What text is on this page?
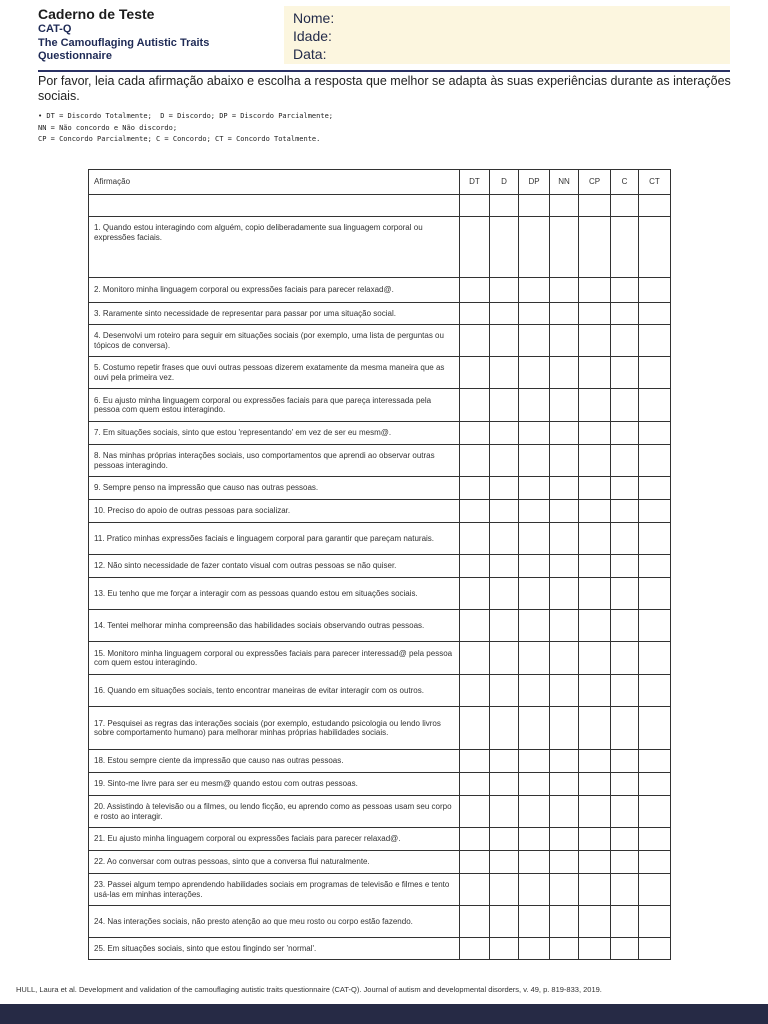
Caderno de Teste
CAT-Q
The Camouflaging Autistic Traits
Questionnaire
Nome:
Idade:
Data:
Por favor, leia cada afirmação abaixo e escolha a resposta que melhor se adapta às suas experiências durante as interações sociais.
• DT = Discordo Totalmente;  D = Discordo; DP = Discordo Parcialmente;
NN = Não concordo e Não discordo;
CP = Concordo Parcialmente; C = Concordo; CT = Concordo Totalmente.
Afirmação	DT	D	DP	NN	CP	C	CT

1. Quando estou interagindo com alguém, copio deliberadamente sua linguagem corporal ou expressões faciais.							
2. Monitoro minha linguagem corporal ou expressões faciais para parecer relaxad@.							
3. Raramente sinto necessidade de representar para passar por uma situação social.							
4. Desenvolvi um roteiro para seguir em situações sociais (por exemplo, uma lista de perguntas ou tópicos de conversa).							
5. Costumo repetir frases que ouvi outras pessoas dizerem exatamente da mesma maneira que as ouvi pela primeira vez.							
6. Eu ajusto minha linguagem corporal ou expressões faciais para que pareça interessada pela pessoa com quem estou interagindo.							
7. Em situações sociais, sinto que estou 'representando' em vez de ser eu mesm@.							
8. Nas minhas próprias interações sociais, uso comportamentos que aprendi ao observar outras pessoas interagindo.							
9. Sempre penso na impressão que causo nas outras pessoas.							
10. Preciso do apoio de outras pessoas para socializar.							
11. Pratico minhas expressões faciais e linguagem corporal para garantir que pareçam naturais.							
12. Não sinto necessidade de fazer contato visual com outras pessoas se não quiser.							
13. Eu tenho que me forçar a interagir com as pessoas quando estou em situações sociais.							
14. Tentei melhorar minha compreensão das habilidades sociais observando outras pessoas.							
15. Monitoro minha linguagem corporal ou expressões faciais para parecer interessad@ pela pessoa com quem estou interagindo.							
16. Quando em situações sociais, tento encontrar maneiras de evitar interagir com os outros.							
17. Pesquisei as regras das interações sociais (por exemplo, estudando psicologia ou lendo livros sobre comportamento humano) para melhorar minhas próprias habilidades sociais.							
18. Estou sempre ciente da impressão que causo nas outras pessoas.							
19. Sinto-me livre para ser eu mesm@ quando estou com outras pessoas.							
20. Assistindo à televisão ou a filmes, ou lendo ficção, eu aprendo como as pessoas usam seu corpo e rosto ao interagir.							
21. Eu ajusto minha linguagem corporal ou expressões faciais para parecer relaxad@.							
22. Ao conversar com outras pessoas, sinto que a conversa flui naturalmente.							
23. Passei algum tempo aprendendo habilidades sociais em programas de televisão e filmes e tento usá-las em minhas interações.							
24. Nas interações sociais, não presto atenção ao que meu rosto ou corpo estão fazendo.							
25. Em situações sociais, sinto que estou fingindo ser 'normal'.							
HULL, Laura et al. Development and validation of the camouflaging autistic traits questionnaire (CAT-Q). Journal of autism and developmental disorders, v. 49, p. 819-833, 2019.
